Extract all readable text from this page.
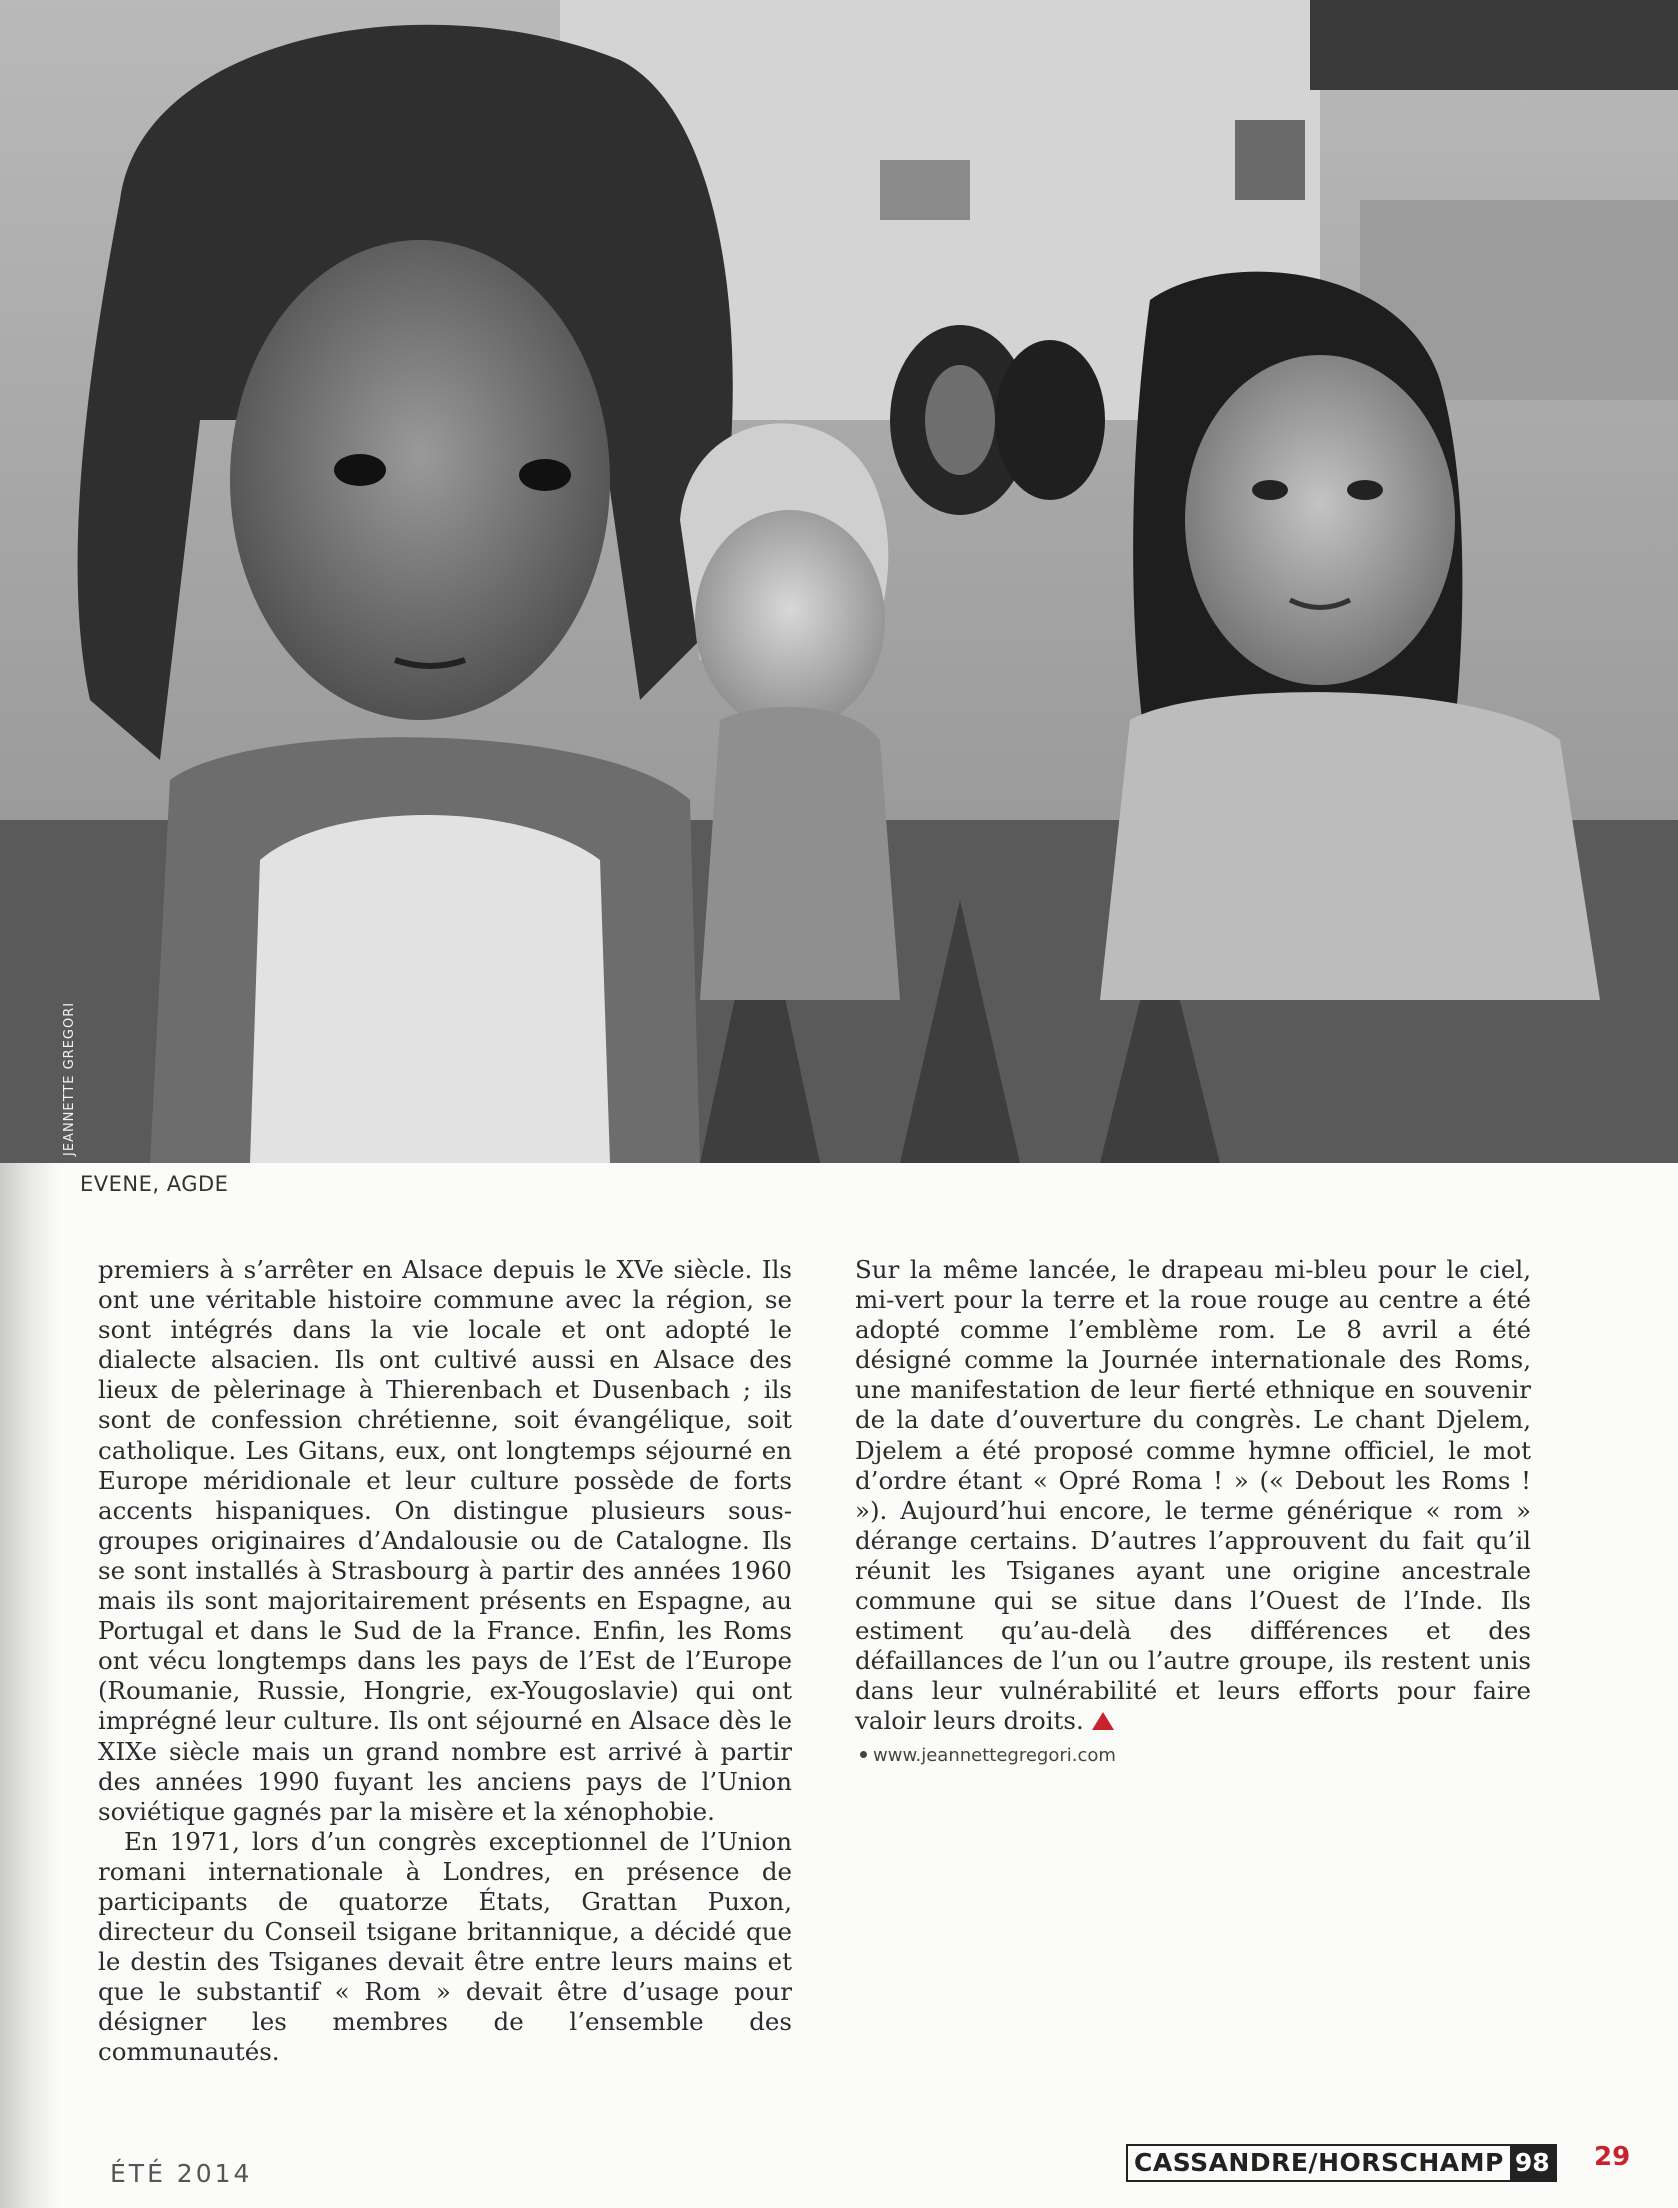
JEANNETTE GREGORI
EVENE, AGDE

premiers à s’arrêter en Alsace depuis le XVe siècle. Ils ont une véritable histoire commune avec la région, se sont intégrés dans la vie locale et ont adopté le dialecte alsacien. Ils ont cultivé aussi en Alsace des lieux de pèlerinage à Thierenbach et Dusenbach ; ils sont de confession chrétienne, soit évangélique, soit catholique. Les Gitans, eux, ont longtemps séjourné en Europe méridionale et leur culture possède de forts accents hispaniques. On distingue plusieurs sous-groupes originaires d’Andalousie ou de Catalogne. Ils se sont installés à Strasbourg à partir des années 1960 mais ils sont majoritairement présents en Espagne, au Portugal et dans le Sud de la France. Enfin, les Roms ont vécu longtemps dans les pays de l’Est de l’Europe (Roumanie, Russie, Hongrie, ex-Yougoslavie) qui ont imprégné leur culture. Ils ont séjourné en Alsace dès le XIXe siècle mais un grand nombre est arrivé à partir des années 1990 fuyant les anciens pays de l’Union soviétique gagnés par la misère et la xénophobie.

En 1971, lors d’un congrès exceptionnel de l’Union romani internationale à Londres, en présence de participants de quatorze États, Grattan Puxon, directeur du Conseil tsigane britannique, a décidé que le destin des Tsiganes devait être entre leurs mains et que le substantif « Rom » devait être d’usage pour désigner les membres de l’ensemble des communautés.

Sur la même lancée, le drapeau mi-bleu pour le ciel, mi-vert pour la terre et la roue rouge au centre a été adopté comme l’emblème rom. Le 8 avril a été désigné comme la Journée internationale des Roms, une manifestation de leur fierté ethnique en souvenir de la date d’ouverture du congrès. Le chant Djelem, Djelem a été proposé comme hymne officiel, le mot d’ordre étant « Opré Roma ! » (« Debout les Roms ! »). Aujourd’hui encore, le terme générique « rom » dérange certains. D’autres l’approuvent du fait qu’il réunit les Tsiganes ayant une origine ancestrale commune qui se situe dans l’Ouest de l’Inde. Ils estiment qu’au-delà des différences et des défaillances de l’un ou l’autre groupe, ils restent unis dans leur vulnérabilité et leurs efforts pour faire valoir leurs droits.

www.jeannettegregori.com
ÉTÉ 2014	CASSANDRE/HORSCHAMP 98 29
